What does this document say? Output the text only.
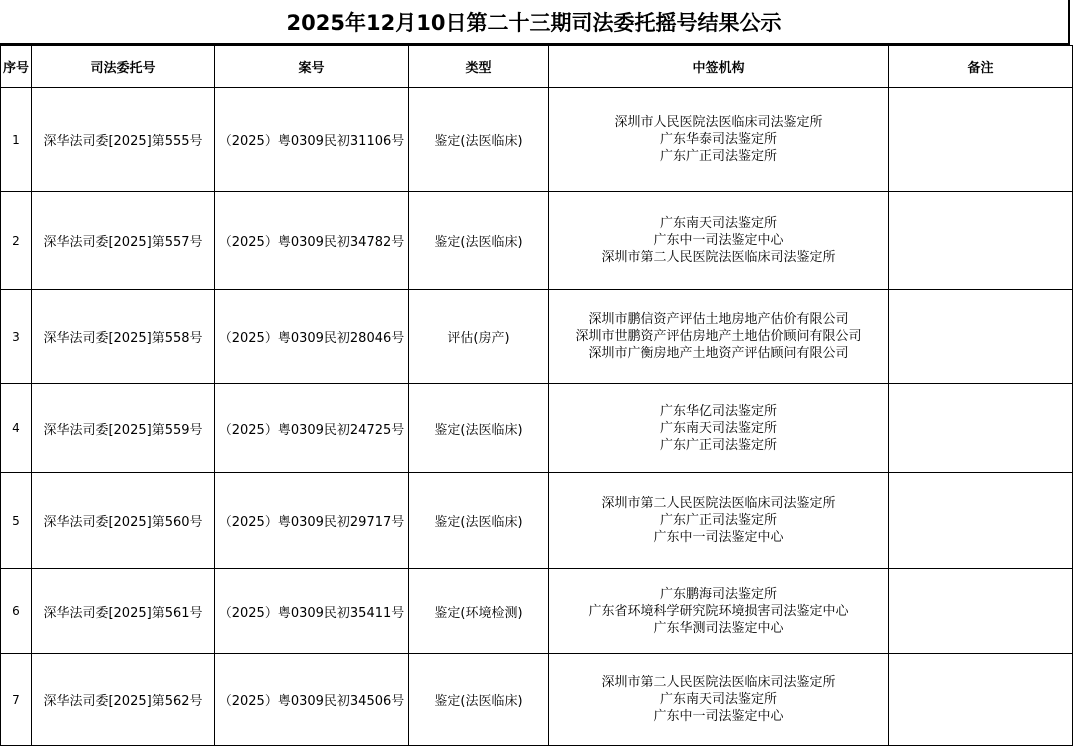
2025年12月10日第二十三期司法委托摇号结果公示
序号	司法委托号	案号	类型	中签机构	备注
1	深华法司委[2025]第555号	（2025）粤0309民初31106号	鉴定(法医临床)	深圳市人民医院法医临床司法鉴定所
广东华泰司法鉴定所
广东广正司法鉴定所	

2	深华法司委[2025]第557号	（2025）粤0309民初34782号	鉴定(法医临床)	广东南天司法鉴定所
广东中一司法鉴定中心
深圳市第二人民医院法医临床司法鉴定所	

3	深华法司委[2025]第558号	（2025）粤0309民初28046号	评估(房产)	深圳市鹏信资产评估土地房地产估价有限公司
深圳市世鹏资产评估房地产土地估价顾问有限公司
深圳市广衡房地产土地资产评估顾问有限公司	

4	深华法司委[2025]第559号	（2025）粤0309民初24725号	鉴定(法医临床)	广东华亿司法鉴定所
广东南天司法鉴定所
广东广正司法鉴定所	

5	深华法司委[2025]第560号	（2025）粤0309民初29717号	鉴定(法医临床)	深圳市第二人民医院法医临床司法鉴定所
广东广正司法鉴定所
广东中一司法鉴定中心	

6	深华法司委[2025]第561号	（2025）粤0309民初35411号	鉴定(环境检测)	广东鹏海司法鉴定所
广东省环境科学研究院环境损害司法鉴定中心
广东华测司法鉴定中心	

7	深华法司委[2025]第562号	（2025）粤0309民初34506号	鉴定(法医临床)	深圳市第二人民医院法医临床司法鉴定所
广东南天司法鉴定所
广东中一司法鉴定中心	
